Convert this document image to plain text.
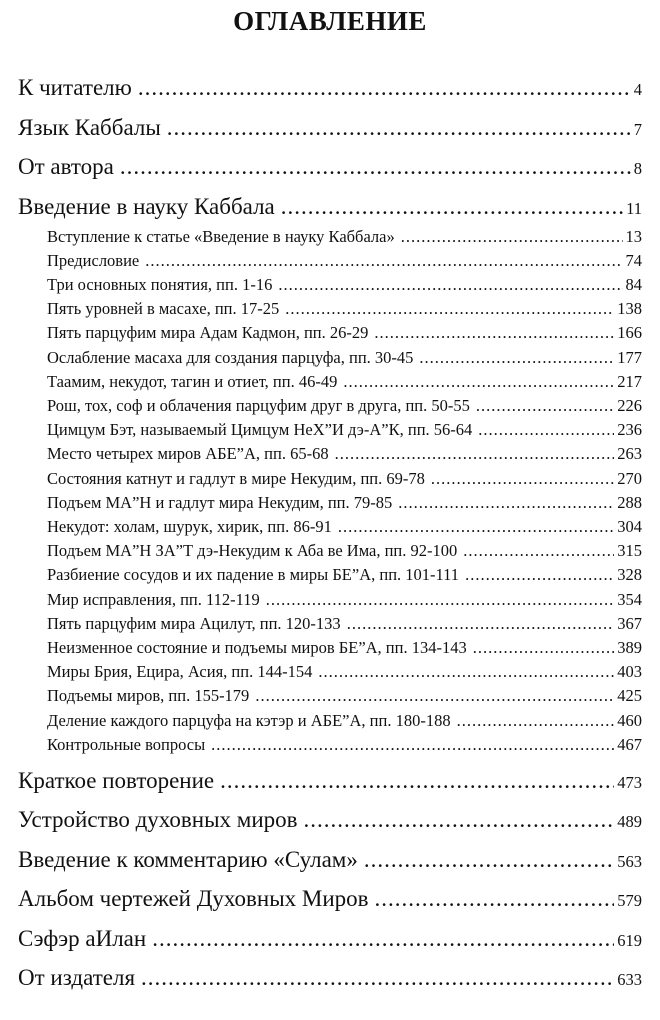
ОГЛАВЛЕНИЕ
К читателю .....	4
Язык Каббалы .....	7
От автора .....	8
Введение в науку Каббала .....	11
Вступление к статье «Введение в науку Каббала» .....	13
Предисловие .....	74
Три основных понятия, пп. 1-16 .....	84
Пять уровней в масахе, пп. 17-25 .....	138
Пять парцуфим мира Адам Кадмон, пп. 26-29 .....	166
Ослабление масаха для создания парцуфа, пп. 30-45 .....	177
Таамим, некудот, тагин и отиет, пп. 46-49 .....	217
Рош, тох, соф и облачения парцуфим друг в друга, пп. 50-55 .....	226
Цимцум Бэт, называемый Цимцум НеХ”И дэ-А”К, пп. 56-64 .....	236
Место четырех миров АБЕ”А, пп. 65-68 .....	263
Состояния катнут и гадлут в мире Некудим, пп. 69-78 .....	270
Подъем МА”Н и гадлут мира Некудим, пп. 79-85 .....	288
Некудот: холам, шурук, хирик, пп. 86-91 .....	304
Подъем МА”Н ЗА”Т дэ-Некудим к Аба ве Има, пп. 92-100 .....	315
Разбиение сосудов и их падение в миры БЕ”А, пп. 101-111 .....	328
Мир исправления, пп. 112-119 .....	354
Пять парцуфим мира Ацилут, пп. 120-133 .....	367
Неизменное состояние и подъемы миров БЕ”А, пп. 134-143 .....	389
Миры Брия, Ецира, Асия, пп. 144-154 .....	403
Подъемы миров, пп. 155-179 .....	425
Деление каждого парцуфа на кэтэр и АБЕ”А, пп. 180-188 .....	460
Контрольные вопросы .....	467
Краткое повторение .....	473
Устройство духовных миров .....	489
Введение к комментарию «Сулам» .....	563
Альбом чертежей Духовных Миров .....	579
Сэфэр аИлан .....	619
От издателя .....	633
